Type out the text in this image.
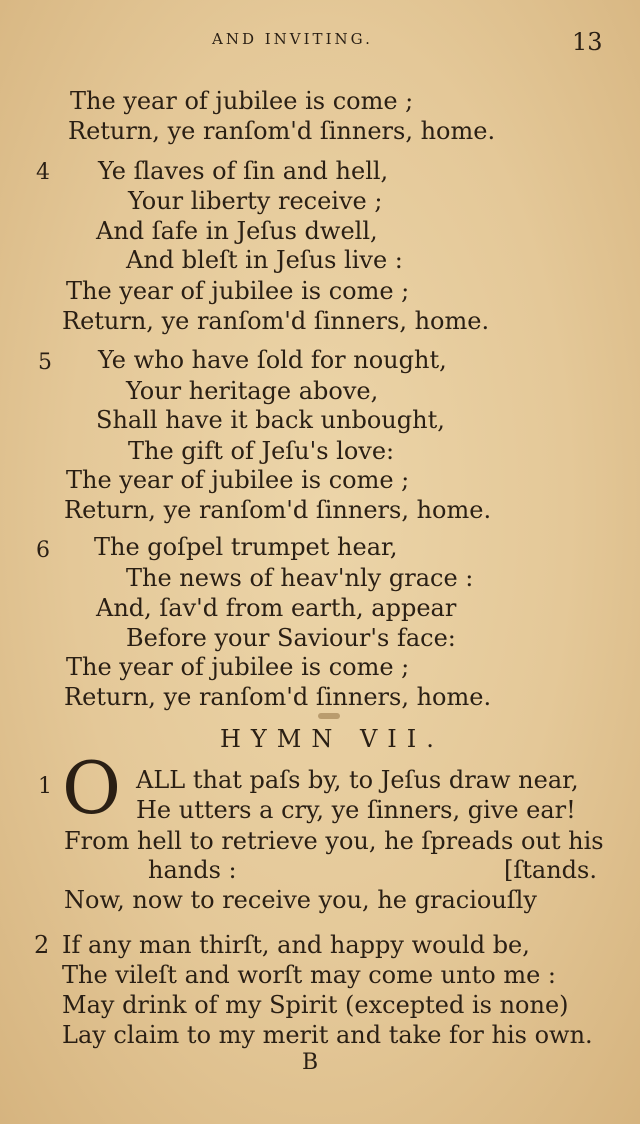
AND INVITING.	13
The year of jubilee is come ;
Return, ye ranſom'd ſinners, home.
4 Ye ſlaves of ſin and hell,
Your liberty receive ;
And ſafe in Jeſus dwell,
And bleſt in Jeſus live :
The year of jubilee is come ;
Return, ye ranſom'd ſinners, home.
5 Ye who have ſold for nought,
Your heritage above,
Shall have it back unbought,
The gift of Jeſu's love:
The year of jubilee is come ;
Return, ye ranſom'd ſinners, home.
6 The goſpel trumpet hear,
The news of heav'nly grace :
And, ſav'd from earth, appear
Before your Saviour's face:
The year of jubilee is come ;
Return, ye ranſom'd ſinners, home.
HYMN VII.
1 O ALL that paſs by, to Jeſus draw near,
He utters a cry, ye ſinners, give ear!
From hell to retrieve you, he ſpreads out his
hands :	[ſtands.
Now, now to receive you, he graciouſly
2 If any man thirſt, and happy would be,
The vileſt and worſt may come unto me :
May drink of my Spirit (excepted is none)
Lay claim to my merit and take for his own.
B
